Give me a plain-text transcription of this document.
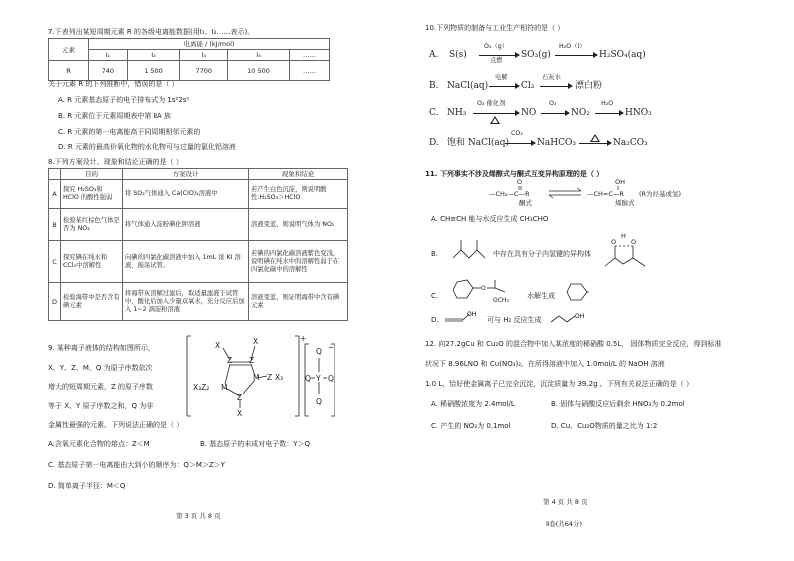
7.下表列出某短周期元素 R 的各级电离能数据(用I₁、I₂……表示)。
元素	电离能 / (kJ/mol)				
	I₁	I₂	I₃	I₄	……
R	740	1 500	7700	10 500	……
关于元素 R 的下列推断中，错误的是（ ）
A. R 元素基态原子的电子排布式为 1s²2s²
B. R 元素位于元素周期表中第 ⅡA 族
C. R 元素的第一电离能高于同周期相邻元素的
D. R 元素的最高价氧化物的水化物可与过量的氯化铝溶液
8.下列方案设计、现象和结论正确的是（ ）
	目的	方案设计	现象和结论
A	探究 H₂SO₃和 HClO 的酸性强弱	将 SO₂气体通入 Ca(ClO)₂溶液中	若产生白色沉淀，则说明酸性:H₂SO₃＞HClO
B	检验某红棕色气体是否为 NO₂	将气体通入淀粉碘化钾溶液	溶液变蓝，则说明气体为 NO₂
C	探究碘在纯水和 CCl₄中溶解性	向碘的四氯化碳溶液中加入 1mL 浓 KI 溶液，振荡试管。	若碘的四氯化碳溶液紫色变浅，说明碘在纯水中的溶解性弱于在四氯化碳中的溶解性
D	检验海带中是否含有碘元素	将海带灰溶解过滤后，取适量滤液于试管中，酸化后加入少量双氧水，充分反应后加入 1~2 滴淀粉溶液	溶液变蓝，则证明海带中含有碘元素
9. 某种离子液体的结构如图所示，
X、Y、Z、M、Q 为原子序数依次
增大的短周期元素，Z 的原子序数
等于 X、Y 原子序数之和，Q 为非
金属性最强的元素。下列说法正确的是（ ）
X
Z
X
Z
M Z X₃
X₃Z₂ M
Z
X
Q
Q Y Q
Q
+
−
A.含氧元素化合物的熔点：Z＜M	B. 基态原子的未成对电子数：Y＞Q
C. 基态原子第一电离能由大到小的顺序为：Q＞M＞Z＞Y
D. 简单离子半径：M＜Q
第 3 页 共 8 页
10.下列物质的制备与工业生产相符的是（ ）
A. S(s)
O₂（g）
点燃
SO₃(g)
H₂O（l）
H₂SO₄(aq)
B. NaCl(aq)
电解
Cl₂
石灰水
漂白粉
C. NH₃
O₂ 催化剂
NO
O₂
NO₂
H₂O
HNO₃
D. 饱和 NaCl(aq)
CO₂
NaHCO₃	Na₂CO₃
11. 下列事实不涉及烯醇式与酮式互变异构原理的是（ ）
—CH₂—C—R
O
酮式
—CH=C—R
OH
烯醇式
(R为烃基或氢)
A. CH≡CH 能与水反应生成 CH₃CHO
B.	中存在具有分子内氢键的异构体
O
H
O
C.
O
OCH₃
水解生成
D.
OH
可与 H₂ 反应生成	OH
12. 向27.2gCu 和 Cu₂O 的混合物中加入某浓度的稀硝酸 0.5L， 固体物质完全反应，得到标准
状况下 8.96LNO 和 Cu(NO₃)₂。在所得溶液中加入 1.0mol/L 的 NaOH 溶液
1.0 L，恰好使金属离子已完全沉淀，沉淀质量为 39.2g 。下列有关说法正确的是（ ）
A. 稀硝酸浓度为 2.4mol/L	B. 固体与硝酸反应后剩余 HNO₃为 0.2mol
C. 产生的 NO₃为 0.1mol	D. Cu、Cu₂O物质的量之比为 1:2
第 4 页 共 8 页
Ⅱ卷(共64分)
